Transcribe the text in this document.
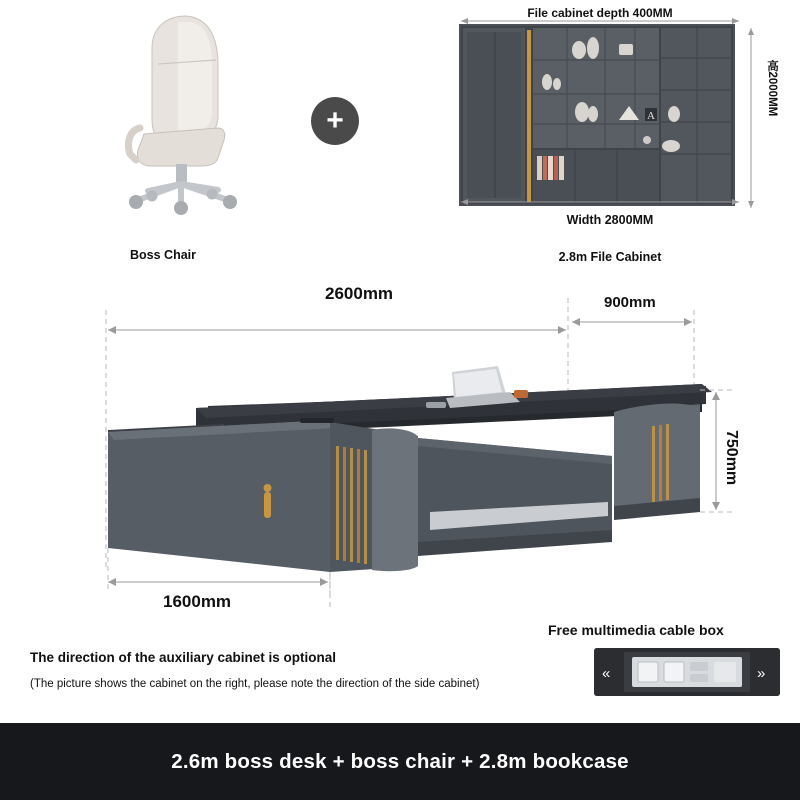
Boss Chair
+
File cabinet depth 400MM
A	高2000MM
Width 2800MM
2.8m File Cabinet
2600mm	900mm
750mm
1600mm
The direction of the auxiliary cabinet is optional
(The picture shows the cabinet on the right, please note the direction of the side cabinet)
Free multimedia cable box
«	»
2.6m boss desk + boss chair + 2.8m bookcase
